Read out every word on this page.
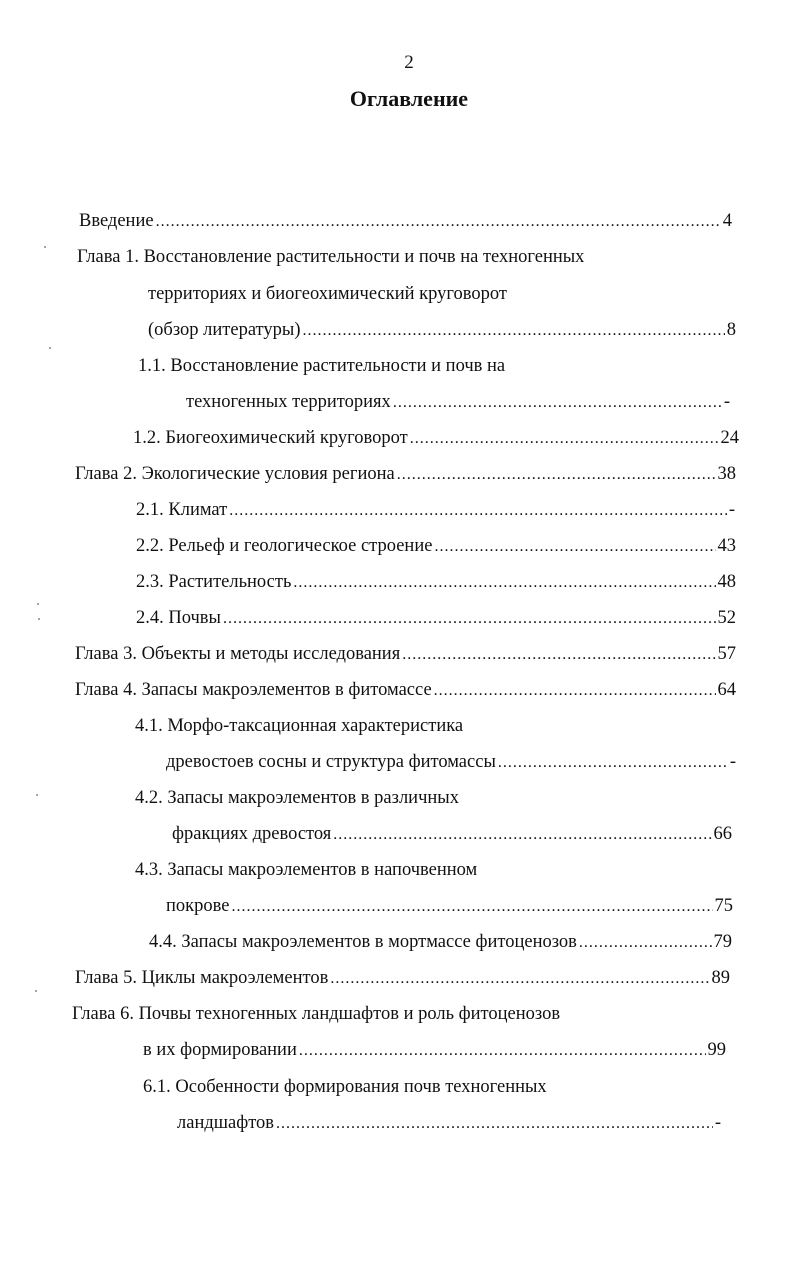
2
Оглавление
Введение .....	4
Глава 1. Восстановление растительности и почв на техногенных
территориях и биогеохимический круговорот
(обзор литературы) .....	8
1.1. Восстановление растительности и почв на
техногенных территориях .....	-
1.2. Биогеохимический круговорот .....	24
Глава 2. Экологические условия региона .....	38
2.1. Климат .....	-
2.2. Рельеф и геологическое строение .....	43
2.3. Растительность .....	48
2.4. Почвы .....	52
Глава 3. Объекты и методы исследования .....	57
Глава 4. Запасы макроэлементов в фитомассе .....	64
4.1. Морфо-таксационная характеристика
древостоев сосны и структура фитомассы .....	-
4.2. Запасы макроэлементов в различных
фракциях древостоя .....	66
4.3. Запасы макроэлементов в напочвенном
покрове .....	75
4.4. Запасы макроэлементов в мортмассе фитоценозов .....	79
Глава 5. Циклы макроэлементов .....	89
Глава 6. Почвы техногенных ландшафтов и роль фитоценозов
в их формировании .....	99
6.1. Особенности формирования почв техногенных
ландшафтов .....	-
